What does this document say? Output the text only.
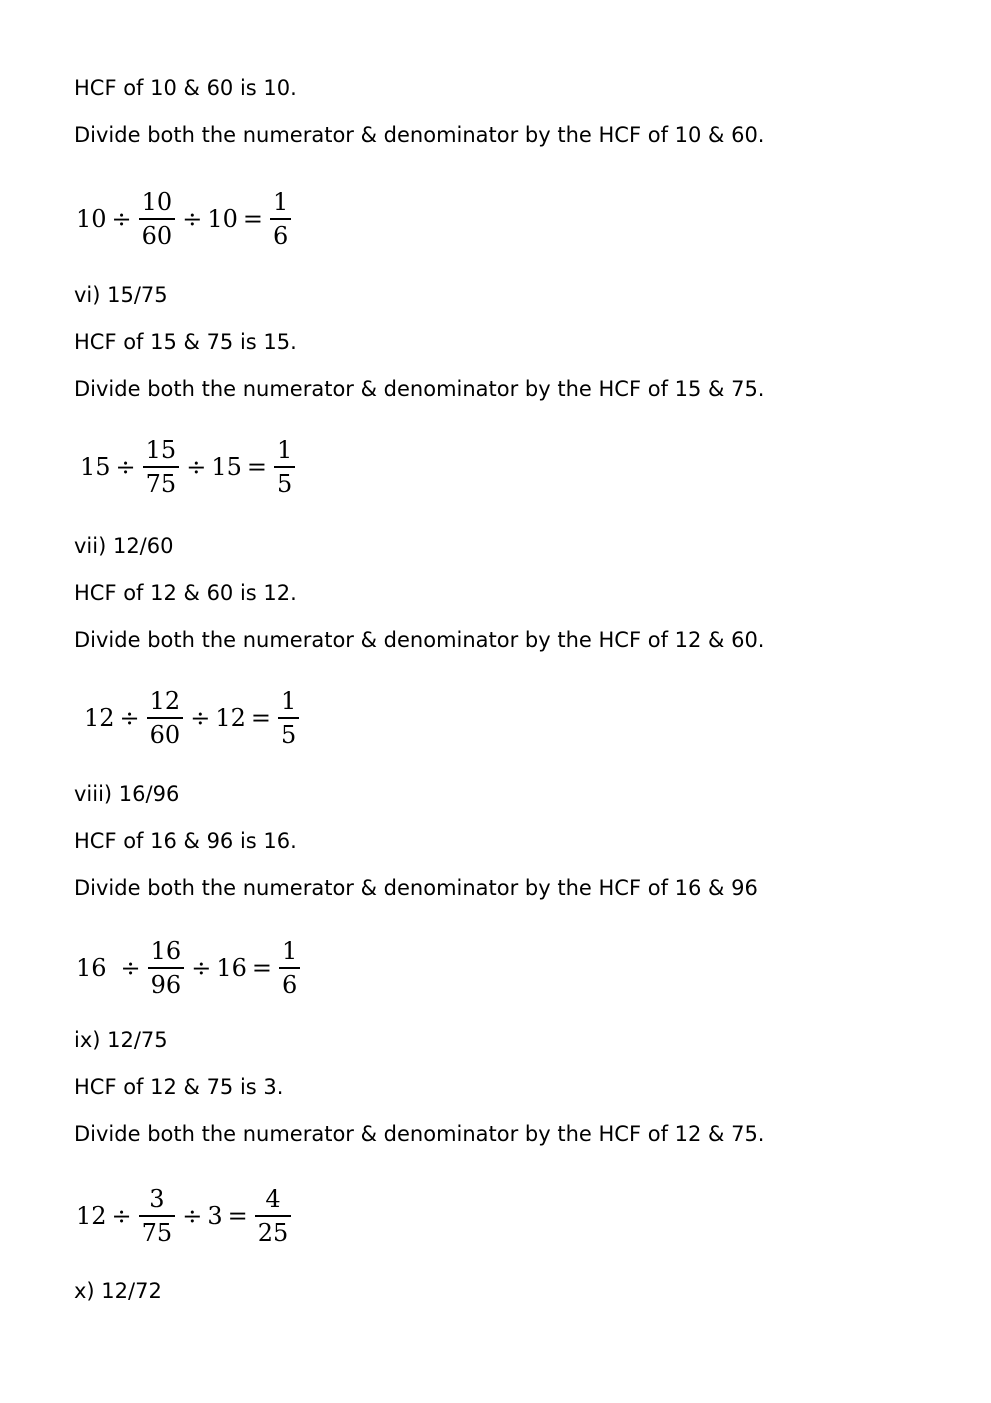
HCF of 10 & 60 is 10.
Divide both the numerator & denominator by the HCF of 10 & 60.
$10 \div \frac{10}{60} \div 10 = \frac{1}{6}$
vi) 15/75
HCF of 15 & 75 is 15.
Divide both the numerator & denominator by the HCF of 15 & 75.
$15 \div \frac{15}{75} \div 15 = \frac{1}{5}$
vii) 12/60
HCF of 12 & 60 is 12.
Divide both the numerator & denominator by the HCF of 12 & 60.
$12 \div \frac{12}{60} \div 12 = \frac{1}{5}$
viii) 16/96
HCF of 16 & 96 is 16.
Divide both the numerator & denominator by the HCF of 16 & 96
$16 \div \frac{16}{96} \div 16 = \frac{1}{6}$
ix) 12/75
HCF of 12 & 75 is 3.
Divide both the numerator & denominator by the HCF of 12 & 75.
$12 \div \frac{3}{75} \div 3 = \frac{4}{25}$
x) 12/72
